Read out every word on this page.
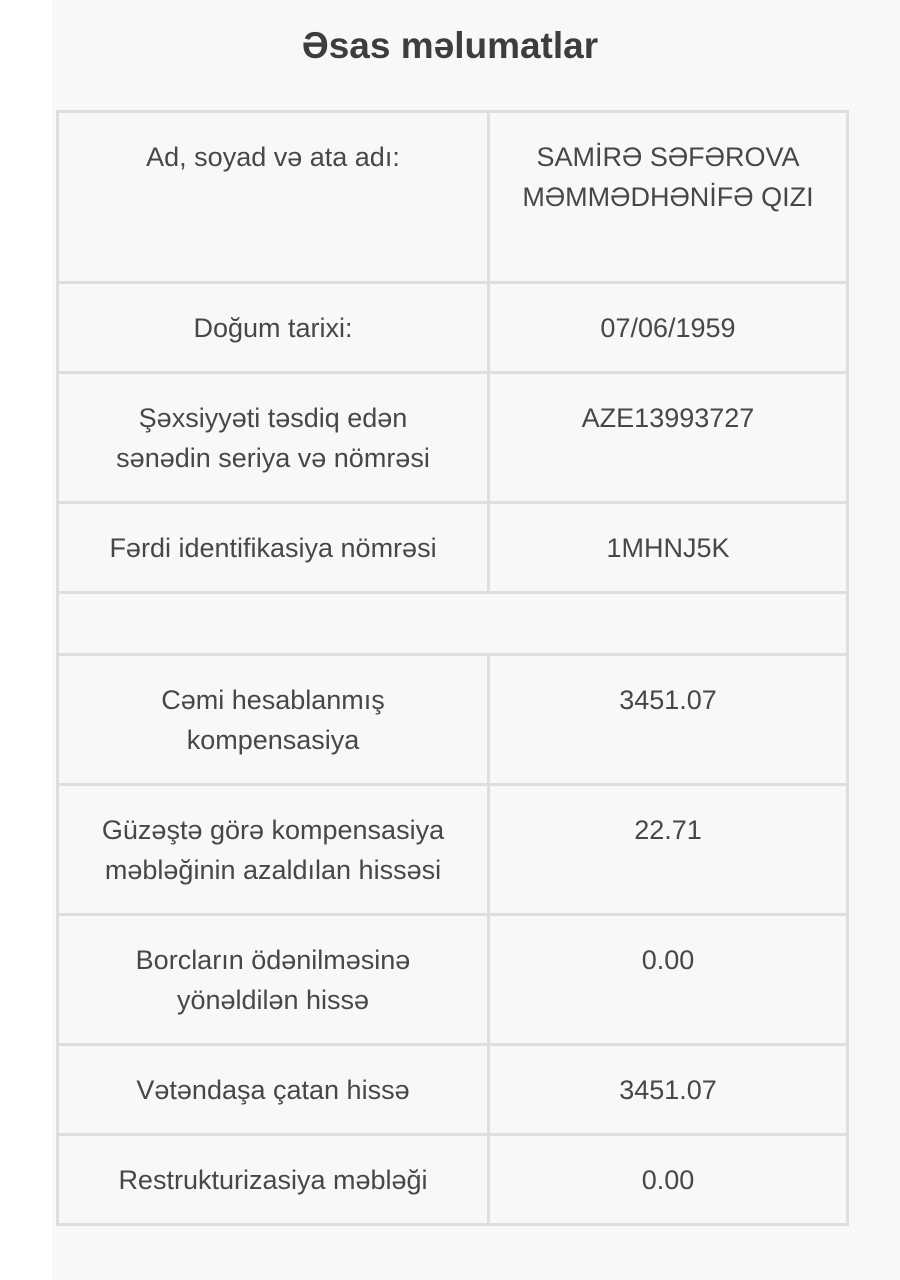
Əsas məlumatlar
Ad, soyad və ata adı:	SAMİRƏ SƏFƏROVA MƏMMƏDHƏNİFƏ QIZI
Doğum tarixi:	07/06/1959
Şəxsiyyəti təsdiq edən sənədin seriya və nömrəsi	AZE13993727
Fərdi identifikasiya nömrəsi	1MHNJ5K

Cəmi hesablanmış kompensasiya	3451.07
Güzəştə görə kompensasiya məbləğinin azaldılan hissəsi	22.71
Borcların ödənilməsinə yönəldilən hissə	0.00
Vətəndaşa çatan hissə	3451.07
Restrukturizasiya məbləği	0.00
